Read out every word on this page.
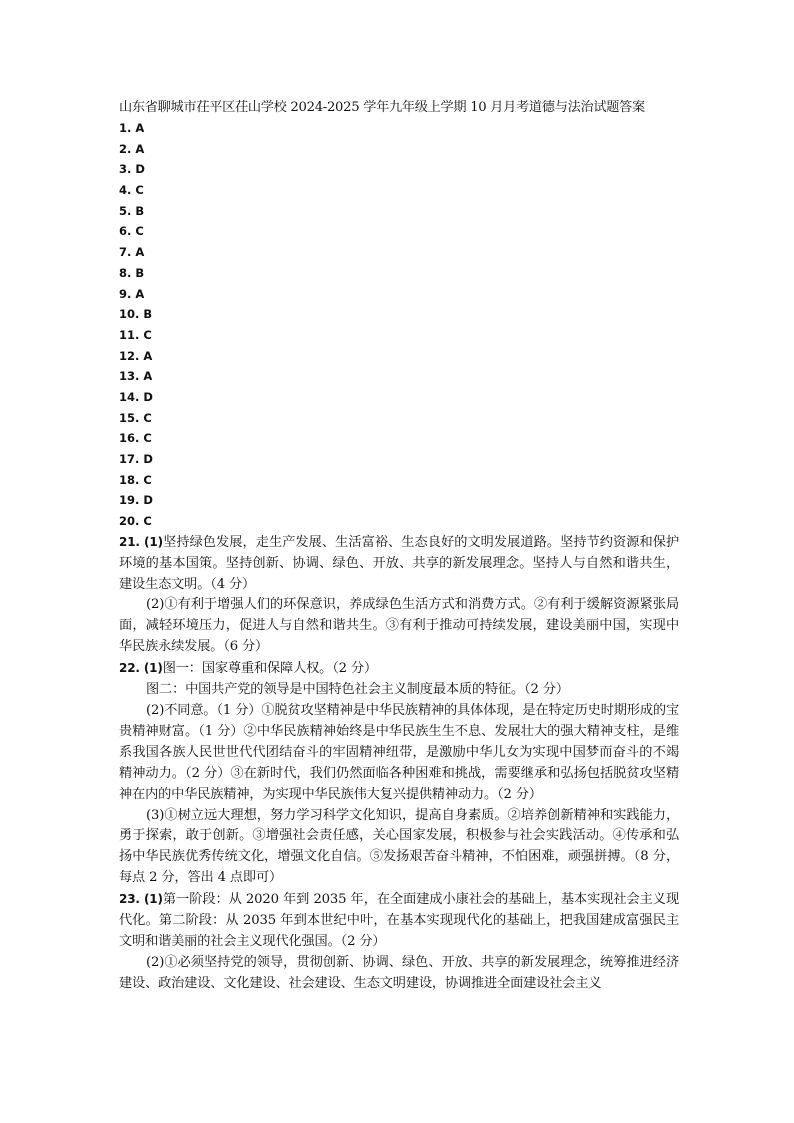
山东省聊城市茌平区茌山学校 2024-2025 学年九年级上学期 10 月月考道德与法治试题答案
1. A
2. A
3. D
4. C
5. B
6. C
7. A
8. B
9. A
10. B
11. C
12. A
13. A
14. D
15. C
16. C
17. D
18. C
19. D
20. C

21. (1)坚持绿色发展，走生产发展、生活富裕、生态良好的文明发展道路。坚持节约资源和保护环境的基本国策。坚持创新、协调、绿色、开放、共享的新发展理念。坚持人与自然和谐共生，建设生态文明。（4 分）

(2)①有利于增强人们的环保意识，养成绿色生活方式和消费方式。②有利于缓解资源紧张局面，减轻环境压力，促进人与自然和谐共生。③有利于推动可持续发展，建设美丽中国，实现中华民族永续发展。（6 分）

22. (1)图一：国家尊重和保障人权。（2 分）

图二：中国共产党的领导是中国特色社会主义制度最本质的特征。（2 分）

(2)不同意。（1 分）①脱贫攻坚精神是中华民族精神的具体体现，是在特定历史时期形成的宝贵精神财富。（1 分）②中华民族精神始终是中华民族生生不息、发展壮大的强大精神支柱，是维系我国各族人民世世代代团结奋斗的牢固精神纽带，是激励中华儿女为实现中国梦而奋斗的不竭精神动力。（2 分）③在新时代，我们仍然面临各种困难和挑战，需要继承和弘扬包括脱贫攻坚精神在内的中华民族精神，为实现中华民族伟大复兴提供精神动力。（2 分）

(3)①树立远大理想，努力学习科学文化知识，提高自身素质。②培养创新精神和实践能力，勇于探索，敢于创新。③增强社会责任感，关心国家发展，积极参与社会实践活动。④传承和弘扬中华民族优秀传统文化，增强文化自信。⑤发扬艰苦奋斗精神，不怕困难，顽强拼搏。（8 分，每点 2 分，答出 4 点即可）

23. (1)第一阶段：从 2020 年到 2035 年，在全面建成小康社会的基础上，基本实现社会主义现代化。第二阶段：从 2035 年到本世纪中叶，在基本实现现代化的基础上，把我国建成富强民主文明和谐美丽的社会主义现代化强国。（2 分）

(2)①必须坚持党的领导，贯彻创新、协调、绿色、开放、共享的新发展理念，统筹推进经济建设、政治建设、文化建设、社会建设、生态文明建设，协调推进全面建设社会主义
